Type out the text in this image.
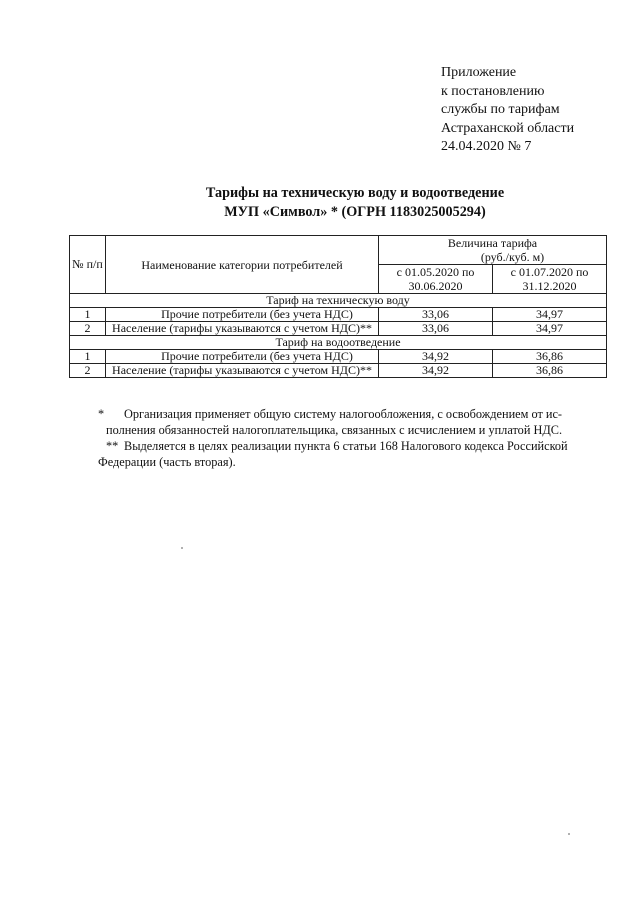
Приложение
к постановлению
службы по тарифам
Астраханской области
24.04.2020 № 7
Тарифы на техническую воду и водоотведение
МУП «Символ» * (ОГРН 1183025005294)
№ п/п	Наименование категории потребителей	Величина тарифа
(руб./куб. м)	

		с 01.05.2020 по 30.06.2020	с 01.07.2020 по 31.12.2020
Тариф на техническую воду			
1	Прочие потребители (без учета НДС)	33,06	34,97
2	Население (тарифы указываются с учетом НДС)**	33,06	34,97
Тариф на водоотведение			
1	Прочие потребители (без учета НДС)	34,92	36,86
2	Население (тарифы указываются с учетом НДС)**	34,92	36,86

* Организация применяет общую систему налогообложения, с освобождением от ис-
полнения обязанностей налогоплательщика, связанных с исчислением и уплатой НДС.

** Выделяется в целях реализации пункта 6 статьи 168 Налогового кодекса Российской
Федерации (часть вторая).
